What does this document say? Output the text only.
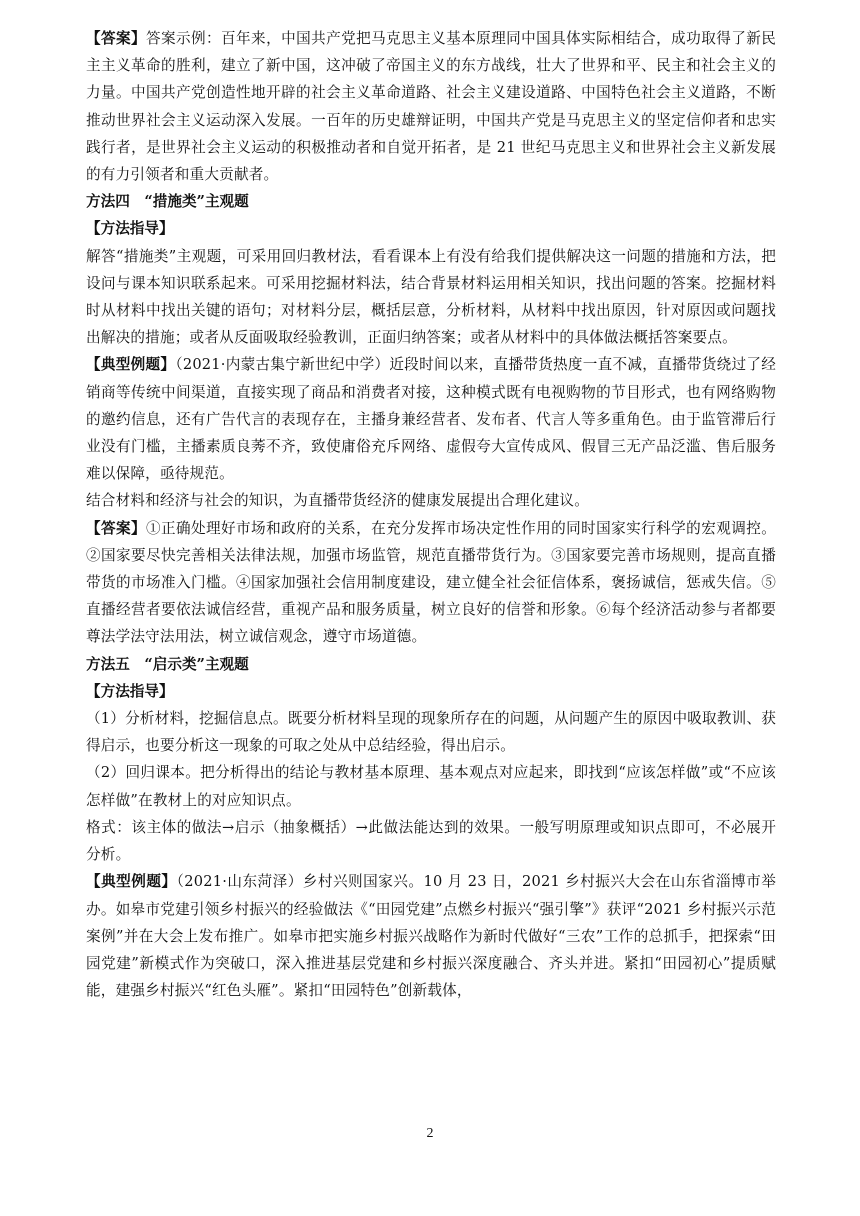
【答案】答案示例：百年来，中国共产党把马克思主义基本原理同中国具体实际相结合，成功取得了新民主主义革命的胜利，建立了新中国，这冲破了帝国主义的东方战线，壮大了世界和平、民主和社会主义的力量。中国共产党创造性地开辟的社会主义革命道路、社会主义建设道路、中国特色社会主义道路，不断推动世界社会主义运动深入发展。一百年的历史雄辩证明，中国共产党是马克思主义的坚定信仰者和忠实践行者，是世界社会主义运动的积极推动者和自觉开拓者，是 21 世纪马克思主义和世界社会主义新发展的有力引领者和重大贡献者。

方法四　“措施类”主观题

【方法指导】

解答“措施类”主观题，可采用回归教材法，看看课本上有没有给我们提供解决这一问题的措施和方法，把设问与课本知识联系起来。可采用挖掘材料法，结合背景材料运用相关知识，找出问题的答案。挖掘材料时从材料中找出关键的语句；对材料分层，概括层意，分析材料，从材料中找出原因，针对原因或问题找出解决的措施；或者从反面吸取经验教训，正面归纳答案；或者从材料中的具体做法概括答案要点。

【典型例题】（2021·内蒙古集宁新世纪中学）近段时间以来，直播带货热度一直不减，直播带货绕过了经销商等传统中间渠道，直接实现了商品和消费者对接，这种模式既有电视购物的节目形式，也有网络购物的邀约信息，还有广告代言的表现存在，主播身兼经营者、发布者、代言人等多重角色。由于监管滞后行业没有门槛，主播素质良莠不齐，致使庸俗充斥网络、虚假夸大宣传成风、假冒三无产品泛滥、售后服务难以保障，亟待规范。

结合材料和经济与社会的知识，为直播带货经济的健康发展提出合理化建议。

【答案】①正确处理好市场和政府的关系，在充分发挥市场决定性作用的同时国家实行科学的宏观调控。②国家要尽快完善相关法律法规，加强市场监管，规范直播带货行为。③国家要完善市场规则，提高直播带货的市场准入门槛。④国家加强社会信用制度建设，建立健全社会征信体系，褒扬诚信，惩戒失信。⑤直播经营者要依法诚信经营，重视产品和服务质量，树立良好的信誉和形象。⑥每个经济活动参与者都要尊法学法守法用法，树立诚信观念，遵守市场道德。

方法五　“启示类”主观题

【方法指导】

（1）分析材料，挖掘信息点。既要分析材料呈现的现象所存在的问题，从问题产生的原因中吸取教训、获得启示，也要分析这一现象的可取之处从中总结经验，得出启示。

（2）回归课本。把分析得出的结论与教材基本原理、基本观点对应起来，即找到“应该怎样做”或“不应该怎样做”在教材上的对应知识点。

格式：该主体的做法→启示（抽象概括）→此做法能达到的效果。一般写明原理或知识点即可，不必展开分析。

【典型例题】（2021·山东菏泽）乡村兴则国家兴。10 月 23 日，2021 乡村振兴大会在山东省淄博市举办。如皋市党建引领乡村振兴的经验做法《“田园党建”点燃乡村振兴“强引擎”》获评“2021 乡村振兴示范案例”并在大会上发布推广。如皋市把实施乡村振兴战略作为新时代做好“三农”工作的总抓手，把探索“田园党建”新模式作为突破口，深入推进基层党建和乡村振兴深度融合、齐头并进。紧扣“田园初心”提质赋能，建强乡村振兴“红色头雁”。紧扣“田园特色”创新载体，

2
